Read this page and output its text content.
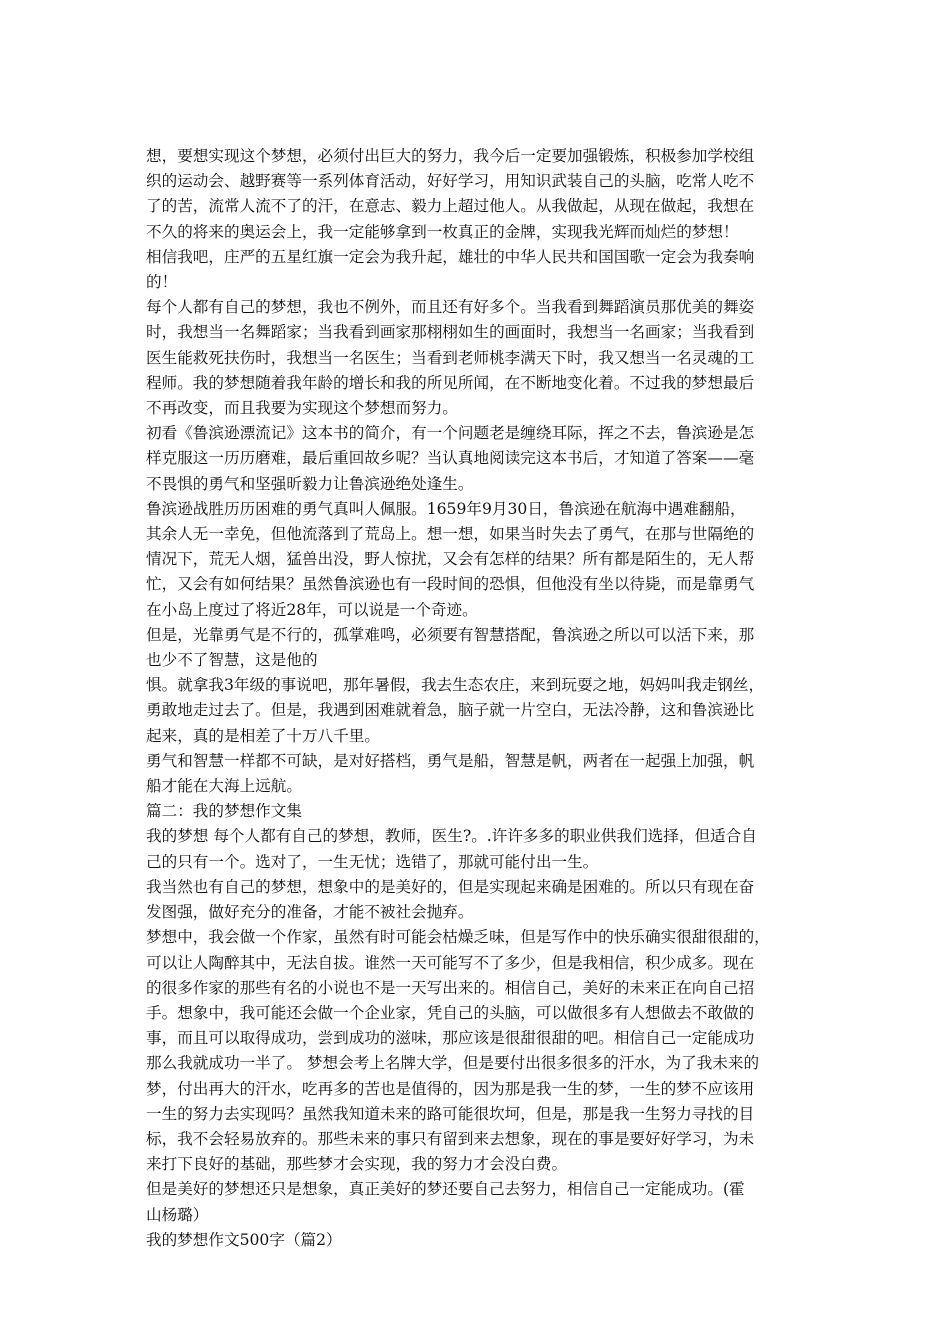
想，要想实现这个梦想，必须付出巨大的努力，我今后一定要加强锻炼，积极参加学校组
织的运动会、越野赛等一系列体育活动，好好学习，用知识武装自己的头脑，吃常人吃不
了的苦，流常人流不了的汗，在意志、毅力上超过他人。从我做起，从现在做起，我想在
不久的将来的奥运会上，我一定能够拿到一枚真正的金牌，实现我光辉而灿烂的梦想！

相信我吧，庄严的五星红旗一定会为我升起，雄壮的中华人民共和国国歌一定会为我奏响
的！

每个人都有自己的梦想，我也不例外，而且还有好多个。当我看到舞蹈演员那优美的舞姿
时，我想当一名舞蹈家；当我看到画家那栩栩如生的画面时，我想当一名画家；当我看到
医生能救死扶伤时，我想当一名医生；当看到老师桃李满天下时，我又想当一名灵魂的工
程师。我的梦想随着我年龄的增长和我的所见所闻，在不断地变化着。不过我的梦想最后
不再改变，而且我要为实现这个梦想而努力。

初看《鲁滨逊漂流记》这本书的简介，有一个问题老是缠绕耳际，挥之不去，鲁滨逊是怎
样克服这一历历磨难，最后重回故乡呢？当认真地阅读完这本书后，才知道了答案——毫
不畏惧的勇气和坚强昕毅力让鲁滨逊绝处逢生。

鲁滨逊战胜历历困难的勇气真叫人佩服。1659年9月30日，鲁滨逊在航海中遇难翻船，
其余人无一幸免，但他流落到了荒岛上。想一想，如果当时失去了勇气，在那与世隔绝的
情况下，荒无人烟，猛兽出没，野人惊扰，又会有怎样的结果？所有都是陌生的，无人帮
忙，又会有如何结果？虽然鲁滨逊也有一段时间的恐惧，但他没有坐以待毙，而是靠勇气
在小岛上度过了将近28年，可以说是一个奇迹。

但是，光靠勇气是不行的，孤掌难鸣，必须要有智慧搭配，鲁滨逊之所以可以活下来，那
也少不了智慧，这是他的

惧。就拿我3年级的事说吧，那年暑假，我去生态农庄，来到玩耍之地，妈妈叫我走钢丝，
勇敢地走过去了。但是，我遇到困难就着急，脑子就一片空白，无法冷静，这和鲁滨逊比
起来，真的是相差了十万八千里。

勇气和智慧一样都不可缺，是对好搭档，勇气是船，智慧是帆，两者在一起强上加强，帆
船才能在大海上远航。

篇二：我的梦想作文集

我的梦想 每个人都有自己的梦想，教师，医生?。.许许多多的职业供我们选择，但适合自
己的只有一个。选对了，一生无忧；选错了，那就可能付出一生。

我当然也有自己的梦想，想象中的是美好的，但是实现起来确是困难的。所以只有现在奋
发图强，做好充分的准备，才能不被社会抛弃。

梦想中，我会做一个作家，虽然有时可能会枯燥乏味，但是写作中的快乐确实很甜很甜的，
可以让人陶醉其中，无法自拔。谁然一天可能写不了多少，但是我相信，积少成多。现在
的很多作家的那些有名的小说也不是一天写出来的。相信自己，美好的未来正在向自己招
手。想象中，我可能还会做一个企业家，凭自己的头脑，可以做很多有人想做去不敢做的
事，而且可以取得成功，尝到成功的滋味，那应该是很甜很甜的吧。相信自己一定能成功
那么我就成功一半了。 梦想会考上名牌大学，但是要付出很多很多的汗水，为了我未来的
梦，付出再大的汗水，吃再多的苦也是值得的，因为那是我一生的梦，一生的梦不应该用
一生的努力去实现吗？虽然我知道未来的路可能很坎坷，但是，那是我一生努力寻找的目
标，我不会轻易放弃的。那些未来的事只有留到来去想象，现在的事是要好好学习，为未
来打下良好的基础，那些梦才会实现，我的努力才会没白费。

但是美好的梦想还只是想象，真正美好的梦还要自己去努力，相信自己一定能成功。(霍
山杨璐）

我的梦想作文500字（篇2）
